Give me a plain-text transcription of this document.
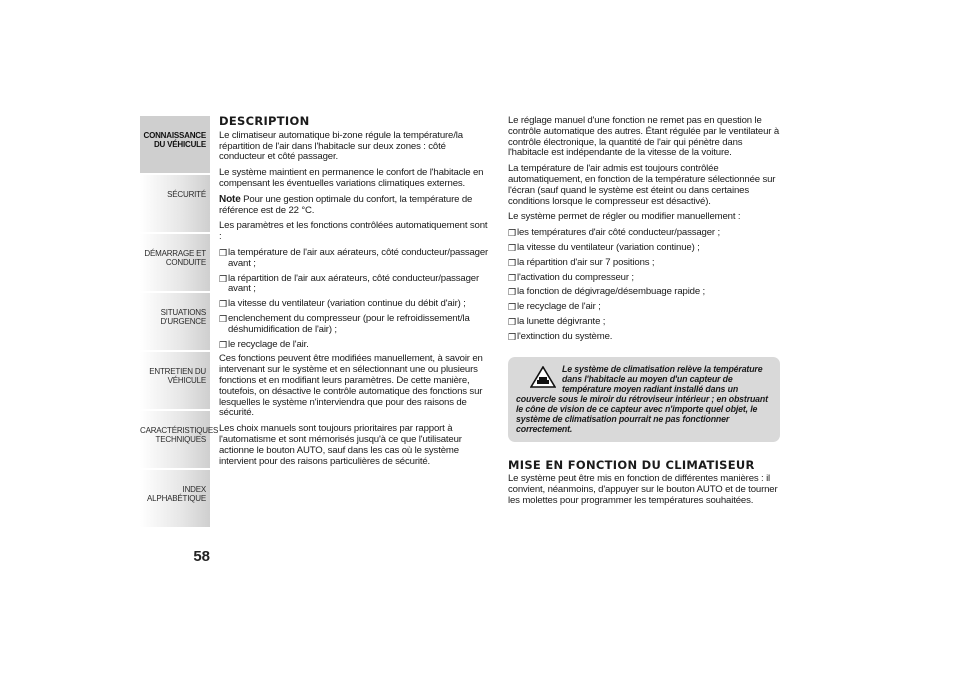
CONNAISSANCE DU VÉHICULE
SÉCURITÉ
DÉMARRAGE ET CONDUITE
SITUATIONS D'URGENCE
ENTRETIEN DU VÉHICULE
CARACTÉRISTIQUES TECHNIQUES
INDEX ALPHABÉTIQUE
58
DESCRIPTION

Le climatiseur automatique bi-zone régule la température/la répartition de l'air dans l'habitacle sur deux zones : côté conducteur et côté passager.

Le système maintient en permanence le confort de l'habitacle en compensant les éventuelles variations climatiques externes.

Note Pour une gestion optimale du confort, la température de référence est de 22 °C.

Les paramètres et les fonctions contrôlées automatiquement sont :

❒ la température de l'air aux aérateurs, côté conducteur/passager avant ;
❒ la répartition de l'air aux aérateurs, côté conducteur/passager avant ;
❒ la vitesse du ventilateur (variation continue du débit d'air) ;
❒ enclenchement du compresseur (pour le refroidissement/la déshumidification de l'air) ;
❒ le recyclage de l'air.

Ces fonctions peuvent être modifiées manuellement, à savoir en intervenant sur le système et en sélectionnant une ou plusieurs fonctions et en modifiant leurs paramètres. De cette manière, toutefois, on désactive le contrôle automatique des fonctions sur lesquelles le système n'interviendra que pour des raisons de sécurité.

Les choix manuels sont toujours prioritaires par rapport à l'automatisme et sont mémorisés jusqu'à ce que l'utilisateur actionne le bouton AUTO, sauf dans les cas où le système intervient pour des raisons particulières de sécurité.

Le réglage manuel d'une fonction ne remet pas en question le contrôle automatique des autres. Étant régulée par le ventilateur à contrôle électronique, la quantité de l'air qui pénètre dans l'habitacle est indépendante de la vitesse de la voiture.

La température de l'air admis est toujours contrôlée automatiquement, en fonction de la température sélectionnée sur l'écran (sauf quand le système est éteint ou dans certaines conditions lorsque le compresseur est désactivé).

Le système permet de régler ou modifier manuellement :

❒ les températures d'air côté conducteur/passager ;
❒ la vitesse du ventilateur (variation continue) ;
❒ la répartition d'air sur 7 positions ;
❒ l'activation du compresseur ;
❒ la fonction de dégivrage/désembuage rapide ;
❒ le recyclage de l'air ;
❒ la lunette dégivrante ;
❒ l'extinction du système.
Le système de climatisation relève la température dans l'habitacle au moyen d'un capteur de température moyen radiant installé dans un couvercle sous le miroir du rétroviseur intérieur ; en obstruant le cône de vision de ce capteur avec n'importe quel objet, le système de climatisation pourrait ne pas fonctionner correctement.
MISE EN FONCTION DU CLIMATISEUR

Le système peut être mis en fonction de différentes manières : il convient, néanmoins, d'appuyer sur le bouton AUTO et de tourner les molettes pour programmer les températures souhaitées.
